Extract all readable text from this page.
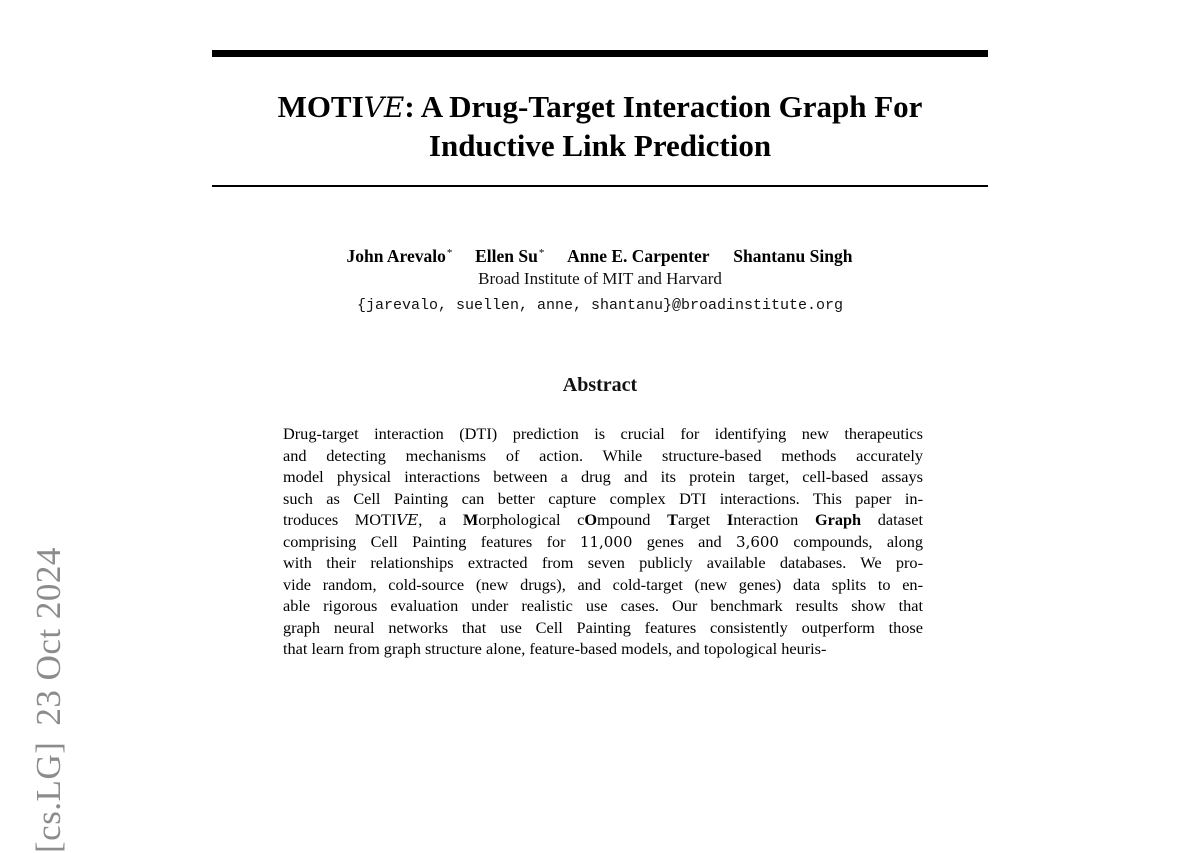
[cs.LG]23 Oct 2024
MOTIVE: A Drug-Target Interaction Graph For
Inductive Link Prediction
John Arevalo* Ellen Su* Anne E. Carpenter Shantanu Singh
Broad Institute of MIT and Harvard
{jarevalo, suellen, anne, shantanu}@broadinstitute.org
Abstract
Drug-target interaction (DTI) prediction is crucial for identifying new therapeutics
and detecting mechanisms of action. While structure-based methods accurately
model physical interactions between a drug and its protein target, cell-based assays
such as Cell Painting can better capture complex DTI interactions. This paper in-
troduces MOTIVE, a Morphological cOmpound Target Interaction Graph dataset
comprising Cell Painting features for 11,000 genes and 3,600 compounds, along
with their relationships extracted from seven publicly available databases. We pro-
vide random, cold-source (new drugs), and cold-target (new genes) data splits to en-
able rigorous evaluation under realistic use cases. Our benchmark results show that
graph neural networks that use Cell Painting features consistently outperform those
that learn from graph structure alone, feature-based models, and topological heuris-
